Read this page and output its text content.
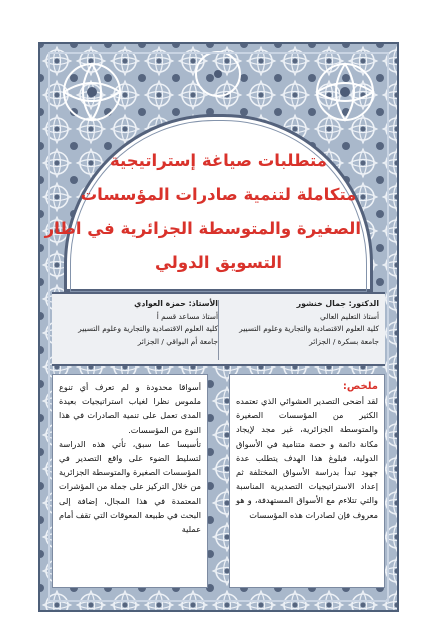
متطلبات صياغة إستراتيجية
متكاملة لتنمية صادرات المؤسسات
الصغيرة والمتوسطة الجزائرية في اطار
التسويق الدولي
الدكتور: جمال خنشور
أستاذ التعليم العالي
كلية العلوم الاقتصادية والتجارية وعلوم التسيير
جامعة بسكرة / الجزائر
الأستاذ: حمزة العوادي
أستاذ مساعد قسم أ
كلية العلوم الاقتصادية والتجارية وعلوم التسيير
جامعة أم البواقي / الجزائر
ملخص:

لقد أضحى التصدير العشوائي الذي تعتمده الكثير من المؤسسات الصغيرة والمتوسطة الجزائرية، غير مجد لإيجاد مكانة دائمة و حصة متنامية في الأسواق الدولية، فبلوغ هذا الهدف يتطلب عدة جهود تبدأ بدراسة الأسواق المختلفة ثم إعداد الاستراتيجيات التصديرية المناسبة والتي تتلاءم مع الأسواق المستهدفة، و هو معروف فإن لصادرات هذه المؤسسات

أسواقا محدودة و لم تعرف أي تنوع ملموس نظرا لغياب استراتيجيات بعيدة المدى تعمل على تنمية الصادرات في هذا النوع من المؤسسات.

تأسيسا عما سبق، تأتي هذه الدراسة لتسليط الضوء على واقع التصدير في المؤسسات الصغيرة والمتوسطة الجزائرية من خلال التركيز على جملة من المؤشرات المعتمدة في هذا المجال، إضافة إلى البحث في طبيعة المعوقات التي تقف أمام عملية
